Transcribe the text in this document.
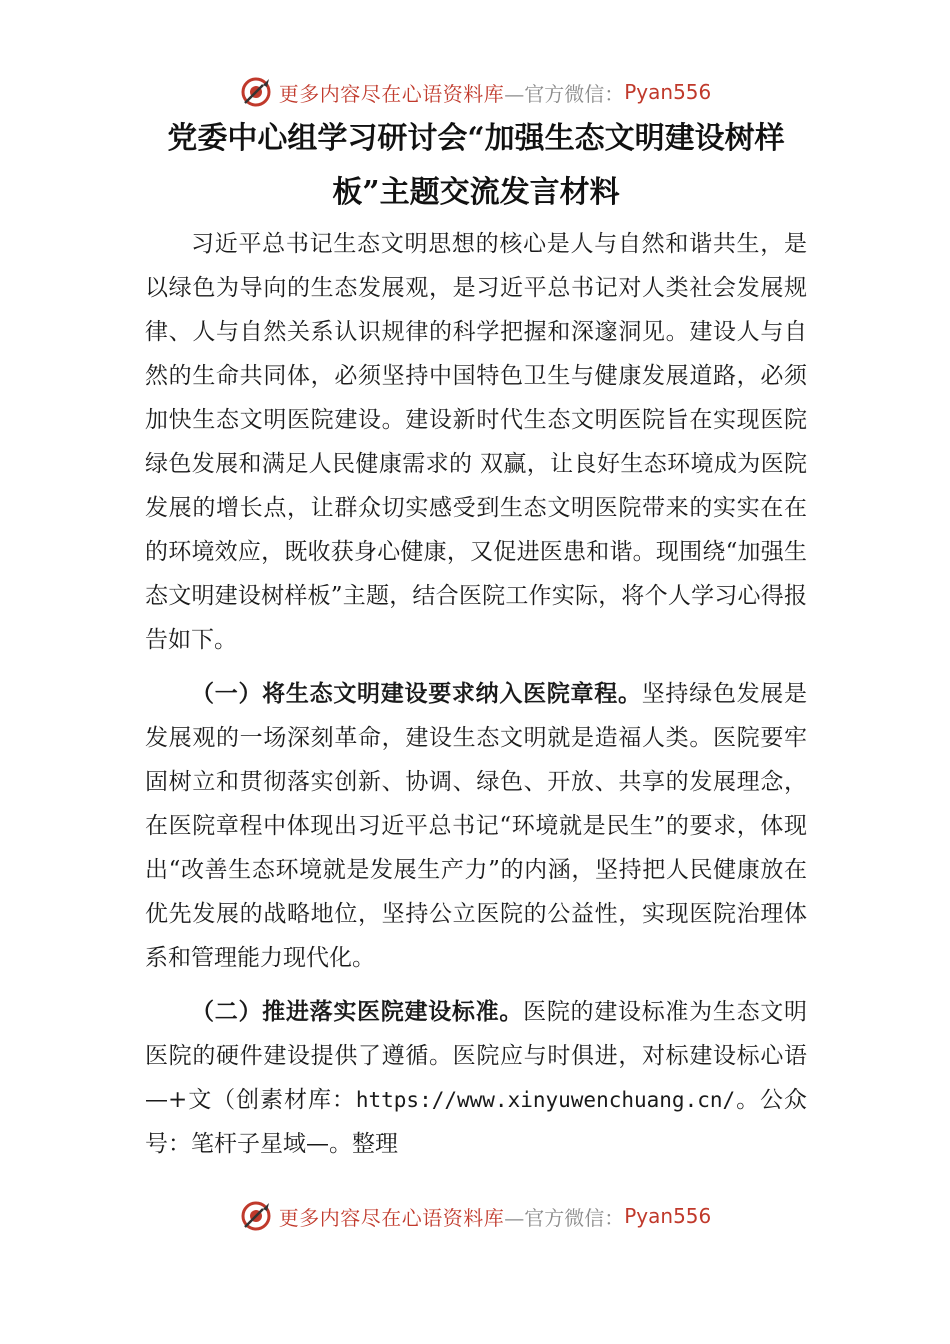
更多内容尽在心语资料库 —官方微信： Pyan556
党委中心组学习研讨会“加强生态文明建设树样板”主题交流发言材料

习近平总书记生态文明思想的核心是人与自然和谐共生，是以绿色为导向的生态发展观，是习近平总书记对人类社会发展规律、人与自然关系认识规律的科学把握和深邃洞见。建设人与自然的生命共同体，必须坚持中国特色卫生与健康发展道路，必须加快生态文明医院建设。建设新时代生态文明医院旨在实现医院绿色发展和满足人民健康需求的 双赢，让良好生态环境成为医院发展的增长点，让群众切实感受到生态文明医院带来的实实在在的环境效应，既收获身心健康，又促进医患和谐。现围绕“加强生态文明建设树样板”主题，结合医院工作实际，将个人学习心得报告如下。

（一）将生态文明建设要求纳入医院章程。坚持绿色发展是发展观的一场深刻革命，建设生态文明就是造福人类。医院要牢固树立和贯彻落实创新、协调、绿色、开放、共享的发展理念，在医院章程中体现出习近平总书记“环境就是民生”的要求，体现出“改善生态环境就是发展生产力”的内涵，坚持把人民健康放在优先发展的战略地位，坚持公立医院的公益性，实现医院治理体系和管理能力现代化。

（二）推进落实医院建设标准。医院的建设标准为生态文明医院的硬件建设提供了遵循。医院应与时俱进，对标建设标心语—+文（创素材库：https://www.xinyuwenchuang.cn/。公众号：笔杆子星域—。整理

更多内容尽在心语资料库 —官方微信： Pyan556
